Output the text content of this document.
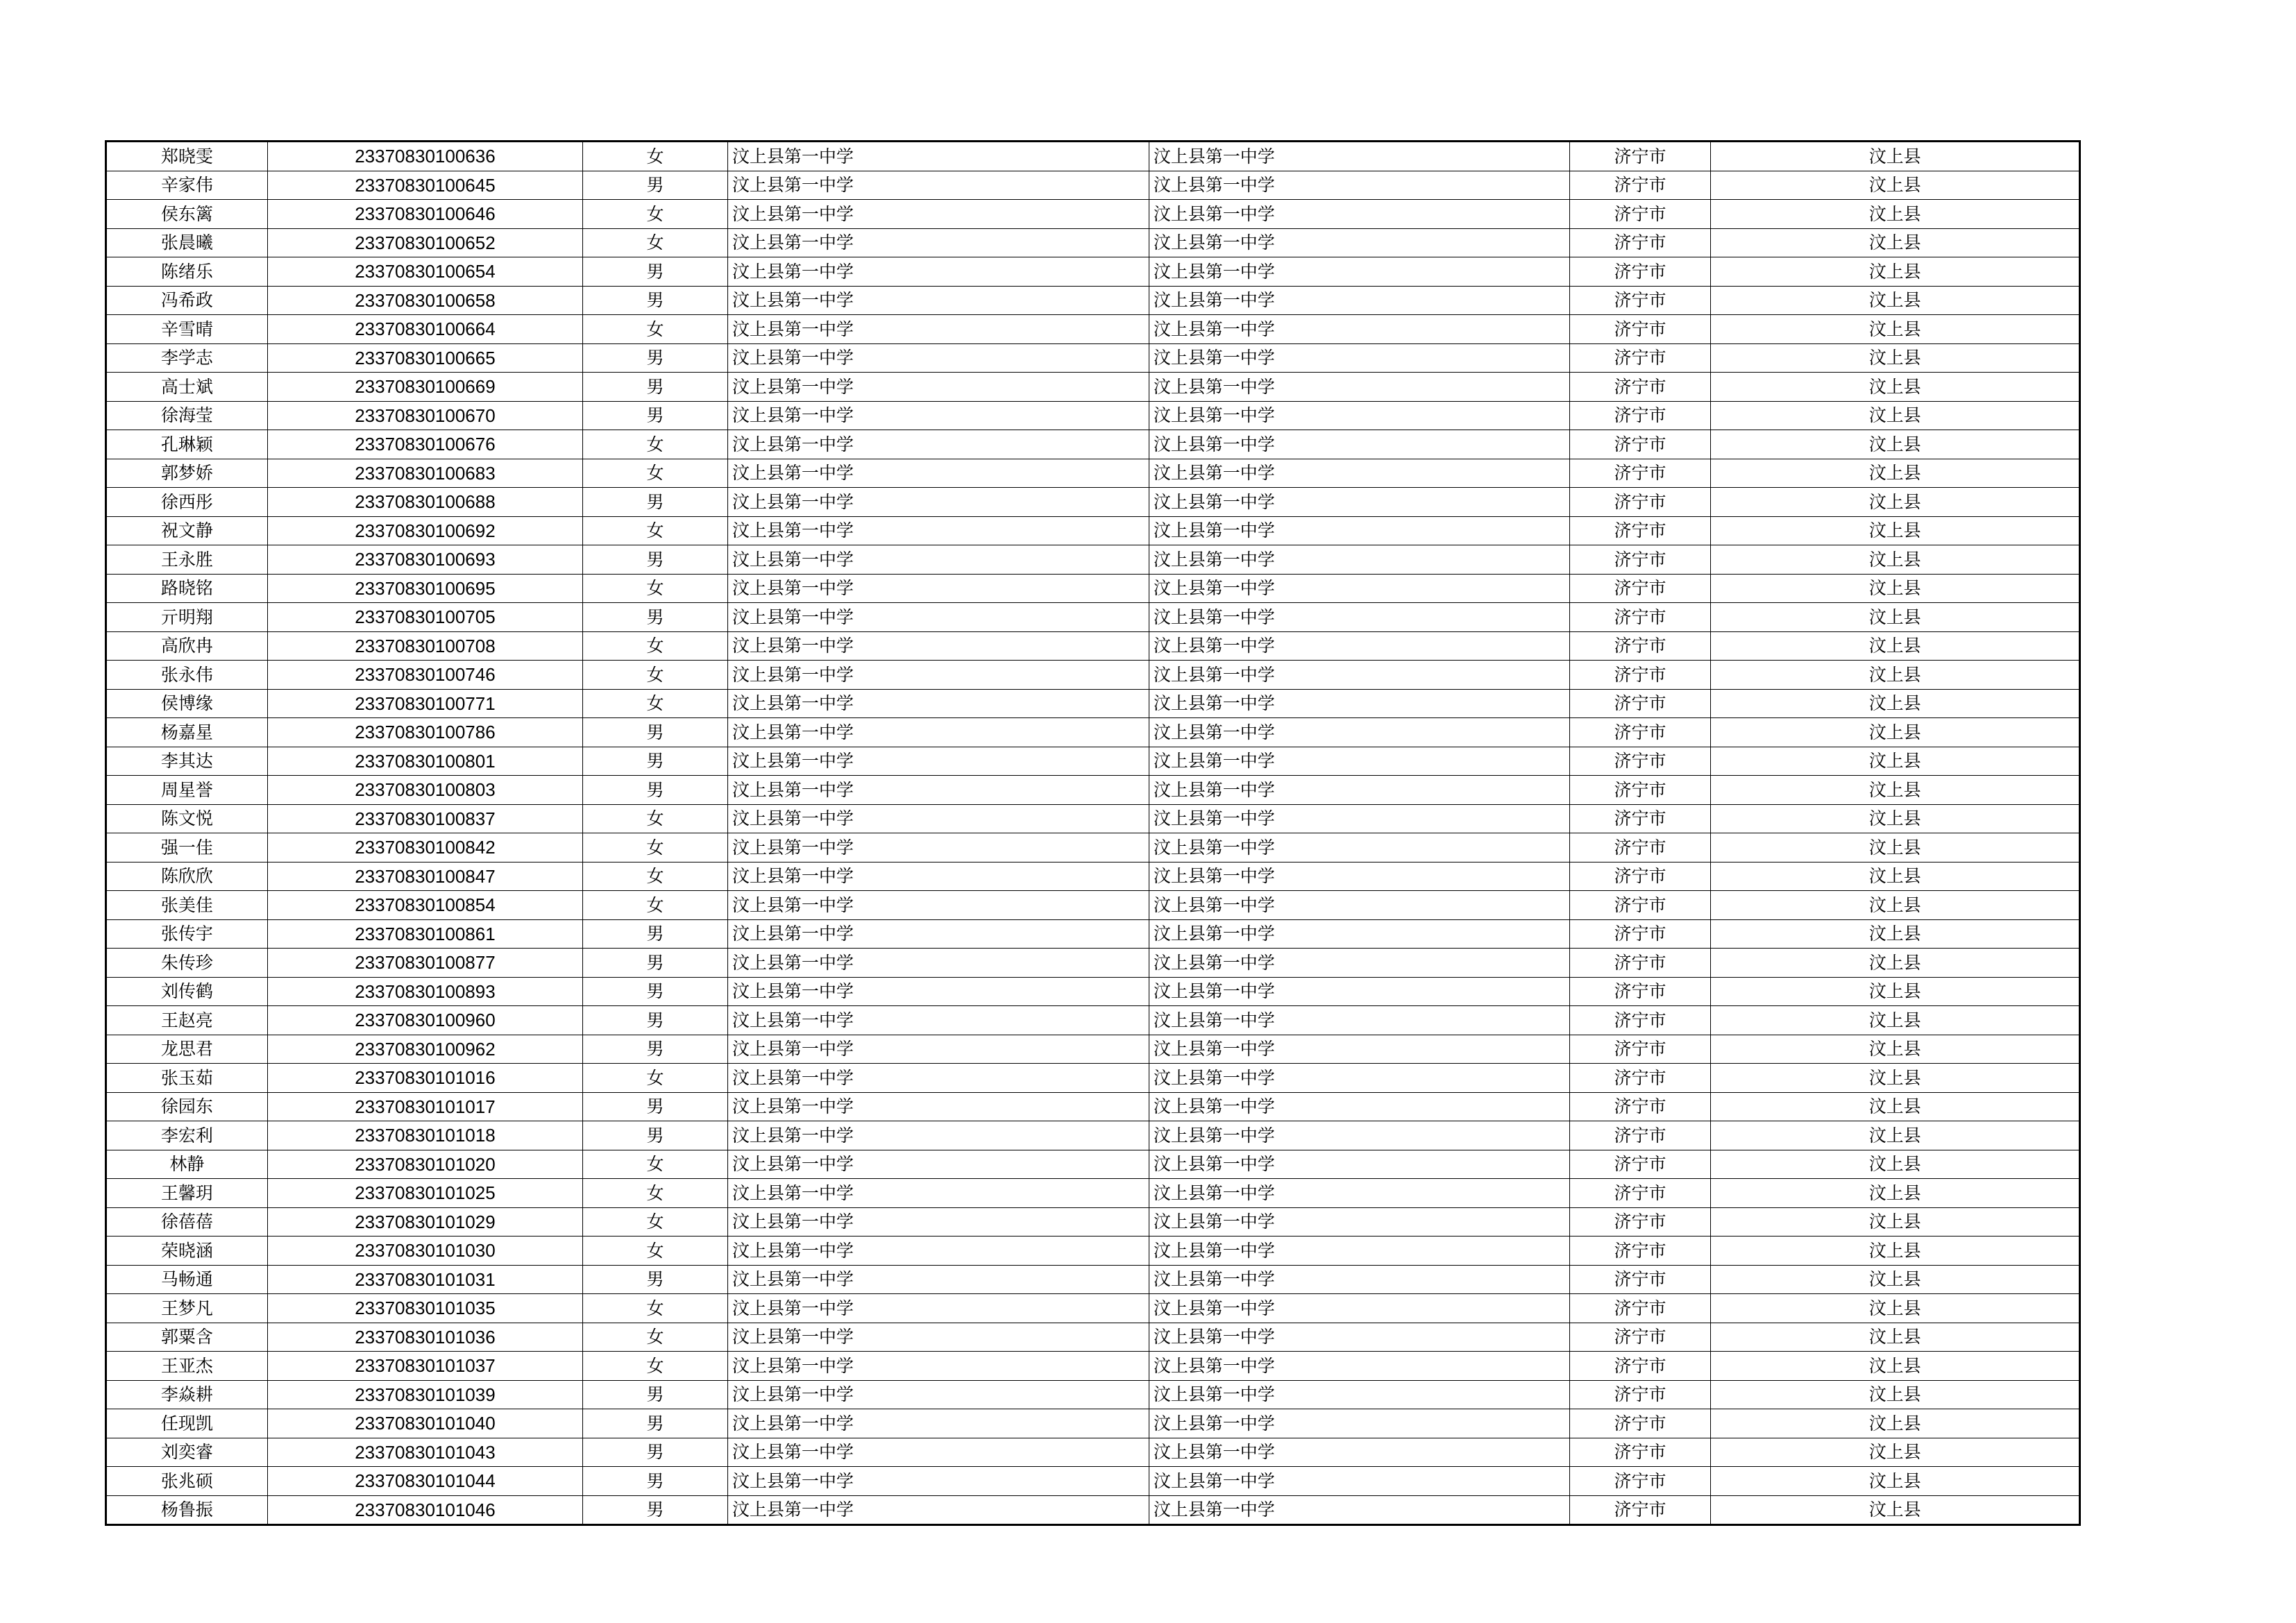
郑晓雯	23370830100636	女	汶上县第一中学	汶上县第一中学	济宁市	汶上县
辛家伟	23370830100645	男	汶上县第一中学	汶上县第一中学	济宁市	汶上县
侯东篱	23370830100646	女	汶上县第一中学	汶上县第一中学	济宁市	汶上县
张晨曦	23370830100652	女	汶上县第一中学	汶上县第一中学	济宁市	汶上县
陈绪乐	23370830100654	男	汶上县第一中学	汶上县第一中学	济宁市	汶上县
冯希政	23370830100658	男	汶上县第一中学	汶上县第一中学	济宁市	汶上县
辛雪晴	23370830100664	女	汶上县第一中学	汶上县第一中学	济宁市	汶上县
李学志	23370830100665	男	汶上县第一中学	汶上县第一中学	济宁市	汶上县
高士斌	23370830100669	男	汶上县第一中学	汶上县第一中学	济宁市	汶上县
徐海莹	23370830100670	男	汶上县第一中学	汶上县第一中学	济宁市	汶上县
孔琳颖	23370830100676	女	汶上县第一中学	汶上县第一中学	济宁市	汶上县
郭梦娇	23370830100683	女	汶上县第一中学	汶上县第一中学	济宁市	汶上县
徐西彤	23370830100688	男	汶上县第一中学	汶上县第一中学	济宁市	汶上县
祝文静	23370830100692	女	汶上县第一中学	汶上县第一中学	济宁市	汶上县
王永胜	23370830100693	男	汶上县第一中学	汶上县第一中学	济宁市	汶上县
路晓铭	23370830100695	女	汶上县第一中学	汶上县第一中学	济宁市	汶上县
亓明翔	23370830100705	男	汶上县第一中学	汶上县第一中学	济宁市	汶上县
高欣冉	23370830100708	女	汶上县第一中学	汶上县第一中学	济宁市	汶上县
张永伟	23370830100746	女	汶上县第一中学	汶上县第一中学	济宁市	汶上县
侯博缘	23370830100771	女	汶上县第一中学	汶上县第一中学	济宁市	汶上县
杨嘉星	23370830100786	男	汶上县第一中学	汶上县第一中学	济宁市	汶上县
李其达	23370830100801	男	汶上县第一中学	汶上县第一中学	济宁市	汶上县
周星誉	23370830100803	男	汶上县第一中学	汶上县第一中学	济宁市	汶上县
陈文悦	23370830100837	女	汶上县第一中学	汶上县第一中学	济宁市	汶上县
强一佳	23370830100842	女	汶上县第一中学	汶上县第一中学	济宁市	汶上县
陈欣欣	23370830100847	女	汶上县第一中学	汶上县第一中学	济宁市	汶上县
张美佳	23370830100854	女	汶上县第一中学	汶上县第一中学	济宁市	汶上县
张传宇	23370830100861	男	汶上县第一中学	汶上县第一中学	济宁市	汶上县
朱传珍	23370830100877	男	汶上县第一中学	汶上县第一中学	济宁市	汶上县
刘传鹤	23370830100893	男	汶上县第一中学	汶上县第一中学	济宁市	汶上县
王赵亮	23370830100960	男	汶上县第一中学	汶上县第一中学	济宁市	汶上县
龙思君	23370830100962	男	汶上县第一中学	汶上县第一中学	济宁市	汶上县
张玉茹	23370830101016	女	汶上县第一中学	汶上县第一中学	济宁市	汶上县
徐园东	23370830101017	男	汶上县第一中学	汶上县第一中学	济宁市	汶上县
李宏利	23370830101018	男	汶上县第一中学	汶上县第一中学	济宁市	汶上县
林静	23370830101020	女	汶上县第一中学	汶上县第一中学	济宁市	汶上县
王馨玥	23370830101025	女	汶上县第一中学	汶上县第一中学	济宁市	汶上县
徐蓓蓓	23370830101029	女	汶上县第一中学	汶上县第一中学	济宁市	汶上县
荣晓涵	23370830101030	女	汶上县第一中学	汶上县第一中学	济宁市	汶上县
马畅通	23370830101031	男	汶上县第一中学	汶上县第一中学	济宁市	汶上县
王梦凡	23370830101035	女	汶上县第一中学	汶上县第一中学	济宁市	汶上县
郭粟含	23370830101036	女	汶上县第一中学	汶上县第一中学	济宁市	汶上县
王亚杰	23370830101037	女	汶上县第一中学	汶上县第一中学	济宁市	汶上县
李焱耕	23370830101039	男	汶上县第一中学	汶上县第一中学	济宁市	汶上县
任现凯	23370830101040	男	汶上县第一中学	汶上县第一中学	济宁市	汶上县
刘奕睿	23370830101043	男	汶上县第一中学	汶上县第一中学	济宁市	汶上县
张兆硕	23370830101044	男	汶上县第一中学	汶上县第一中学	济宁市	汶上县
杨鲁振	23370830101046	男	汶上县第一中学	汶上县第一中学	济宁市	汶上县
